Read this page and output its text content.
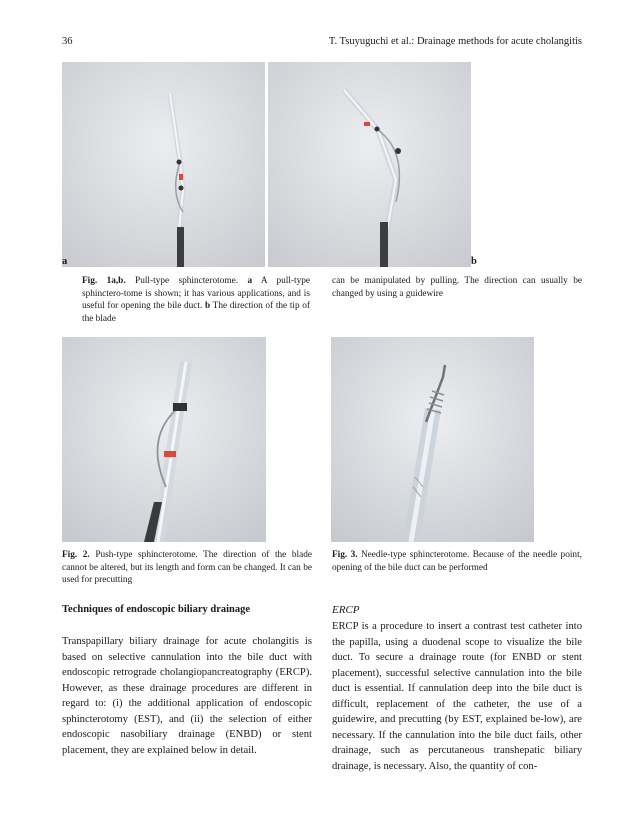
36	T. Tsuyuguchi et al.: Drainage methods for acute cholangitis
a	b
Fig. 1a,b. Pull-type sphincterotome. a A pull-type sphinctero-tome is shown; it has various applications, and is useful for opening the bile duct. b The direction of the tip of the blade
can be manipulated by pulling. The direction can usually be changed by using a guidewire
Fig. 2. Push-type sphincterotome. The direction of the blade cannot be altered, but its length and form can be changed. It can be used for precutting
Fig. 3. Needle-type sphincterotome. Because of the needle point, opening of the bile duct can be performed
Techniques of endoscopic biliary drainage
Transpapillary biliary drainage for acute cholangitis is based on selective cannulation into the bile duct with endoscopic retrograde cholangiopancreatography (ERCP). However, as these drainage procedures are different in regard to: (i) the additional application of endoscopic sphincterotomy (EST), and (ii) the selection of either endoscopic nasobiliary drainage (ENBD) or stent placement, they are explained below in detail.
ERCP
ERCP is a procedure to insert a contrast test catheter into the papilla, using a duodenal scope to visualize the bile duct. To secure a drainage route (for ENBD or stent placement), successful selective cannulation into the bile duct is essential. If cannulation deep into the bile duct is difficult, replacement of the catheter, the use of a guidewire, and precutting (by EST, explained be-low), are necessary. If the cannulation into the bile duct fails, other drainage, such as percutaneous transhepatic biliary drainage, is necessary. Also, the quantity of con-
